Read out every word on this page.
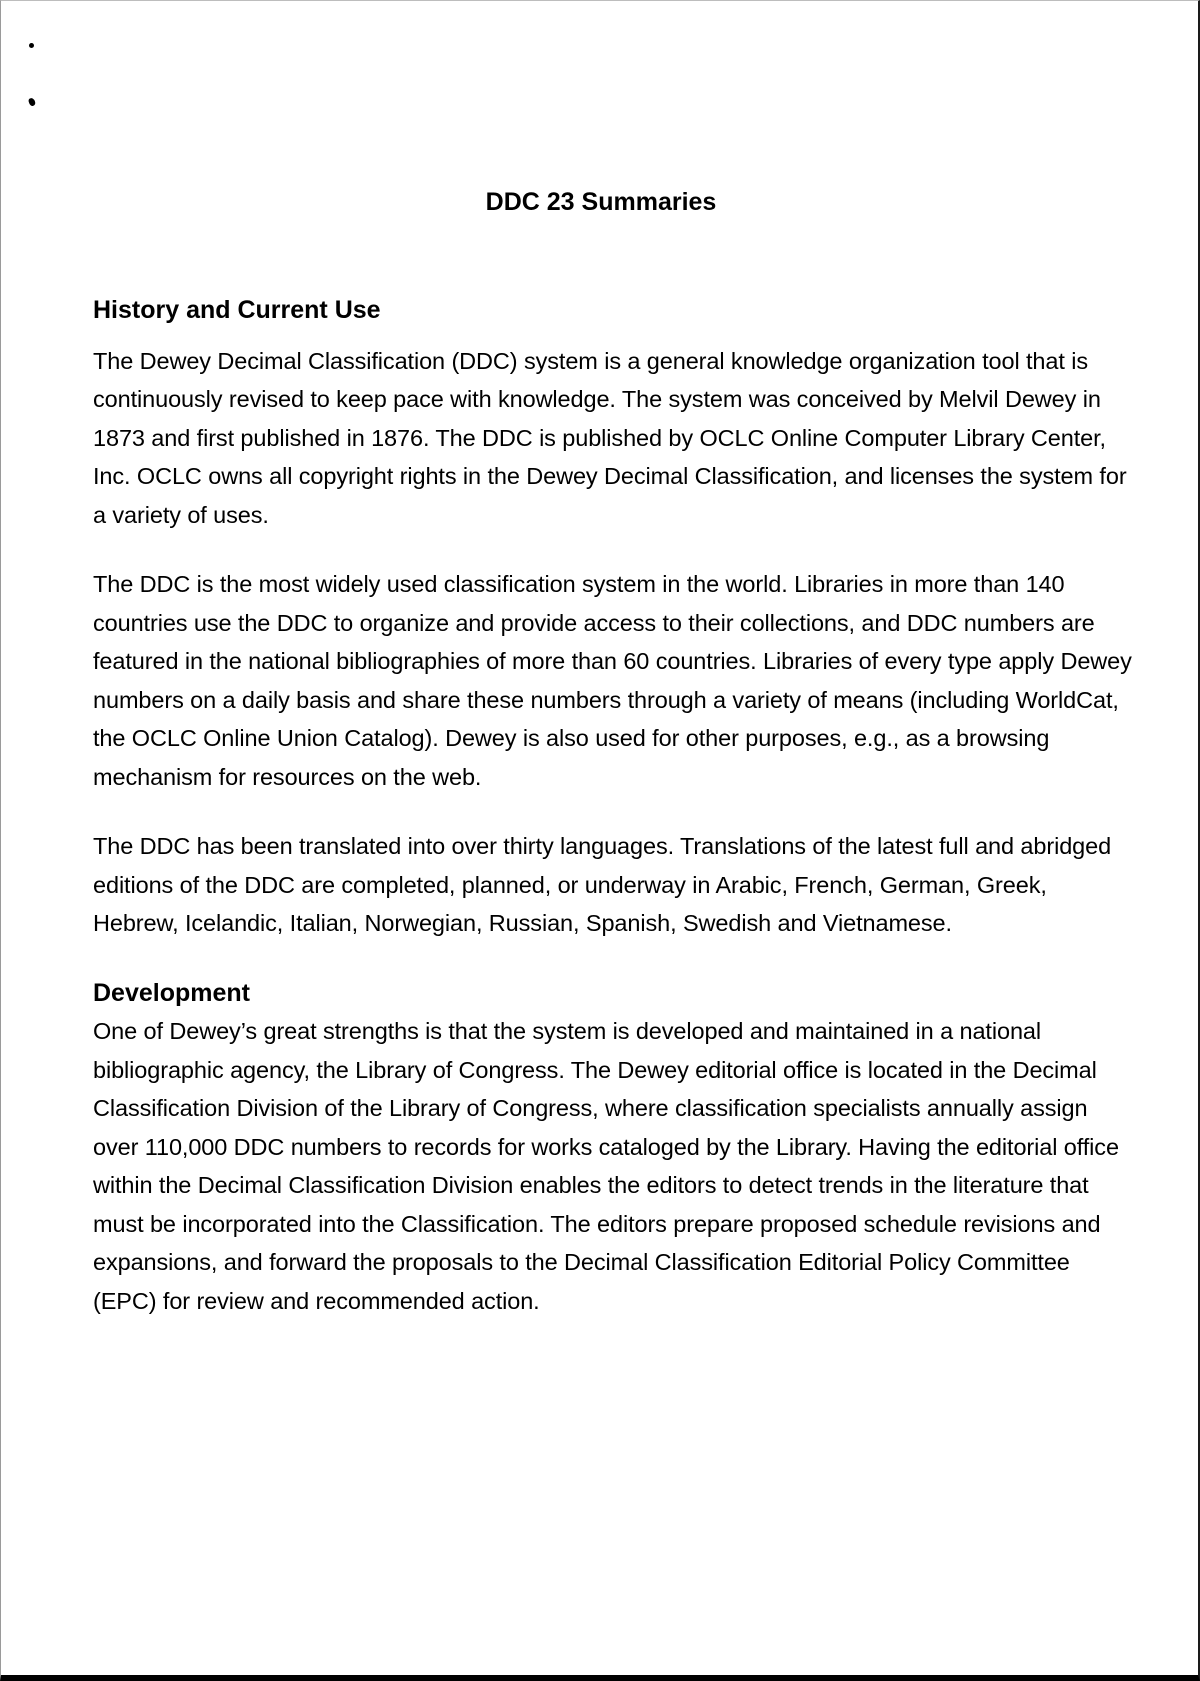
DDC 23 Summaries
History and Current Use

The Dewey Decimal Classification (DDC) system is a general knowledge organization tool that is continuously revised to keep pace with knowledge. The system was conceived by Melvil Dewey in 1873 and first published in 1876. The DDC is published by OCLC Online Computer Library Center, Inc. OCLC owns all copyright rights in the Dewey Decimal Classification, and licenses the system for a variety of uses.

The DDC is the most widely used classification system in the world. Libraries in more than 140 countries use the DDC to organize and provide access to their collections, and DDC numbers are featured in the national bibliographies of more than 60 countries. Libraries of every type apply Dewey numbers on a daily basis and share these numbers through a variety of means (including WorldCat, the OCLC Online Union Catalog). Dewey is also used for other purposes, e.g., as a browsing mechanism for resources on the web.

The DDC has been translated into over thirty languages. Translations of the latest full and abridged editions of the DDC are completed, planned, or underway in Arabic, French, German, Greek, Hebrew, Icelandic, Italian, Norwegian, Russian, Spanish, Swedish and Vietnamese.

Development

One of Dewey’s great strengths is that the system is developed and maintained in a national bibliographic agency, the Library of Congress. The Dewey editorial office is located in the Decimal Classification Division of the Library of Congress, where classification specialists annually assign over 110,000 DDC numbers to records for works cataloged by the Library. Having the editorial office within the Decimal Classification Division enables the editors to detect trends in the literature that must be incorporated into the Classification. The editors prepare proposed schedule revisions and expansions, and forward the proposals to the Decimal Classification Editorial Policy Committee (EPC) for review and recommended action.
